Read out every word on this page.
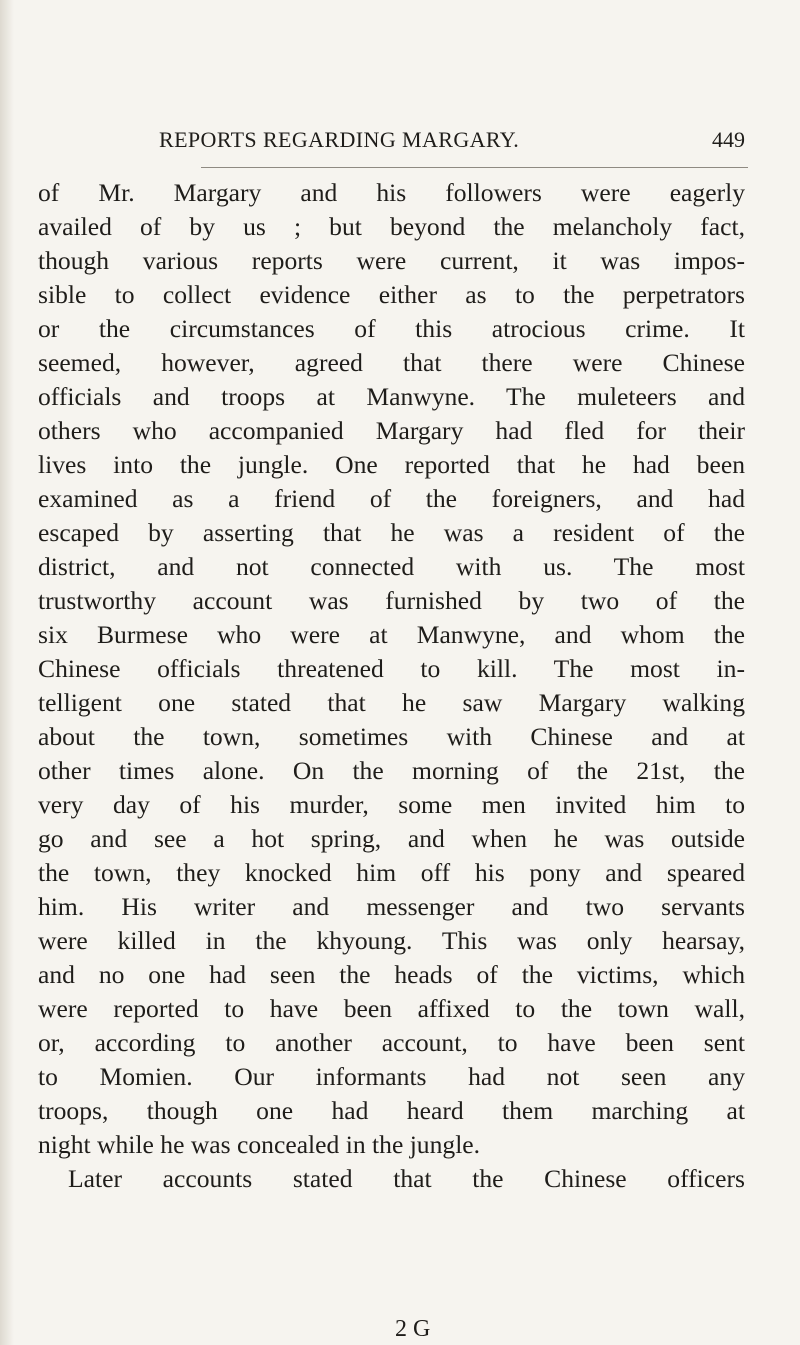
REPORTS REGARDING MARGARY.	449
of Mr. Margary and his followers were eagerly
availed of by us ; but beyond the melancholy fact,
though various reports were current, it was impos-
sible to collect evidence either as to the perpetrators
or the circumstances of this atrocious crime. It
seemed, however, agreed that there were Chinese
officials and troops at Manwyne. The muleteers and
others who accompanied Margary had fled for their
lives into the jungle. One reported that he had been
examined as a friend of the foreigners, and had
escaped by asserting that he was a resident of the
district, and not connected with us. The most
trustworthy account was furnished by two of the
six Burmese who were at Manwyne, and whom the
Chinese officials threatened to kill. The most in-
telligent one stated that he saw Margary walking
about the town, sometimes with Chinese and at
other times alone. On the morning of the 21st, the
very day of his murder, some men invited him to
go and see a hot spring, and when he was outside
the town, they knocked him off his pony and speared
him. His writer and messenger and two servants
were killed in the khyoung. This was only hearsay,
and no one had seen the heads of the victims, which
were reported to have been affixed to the town wall,
or, according to another account, to have been sent
to Momien. Our informants had not seen any
troops, though one had heard them marching at
night while he was concealed in the jungle.
Later accounts stated that the Chinese officers
2 G
